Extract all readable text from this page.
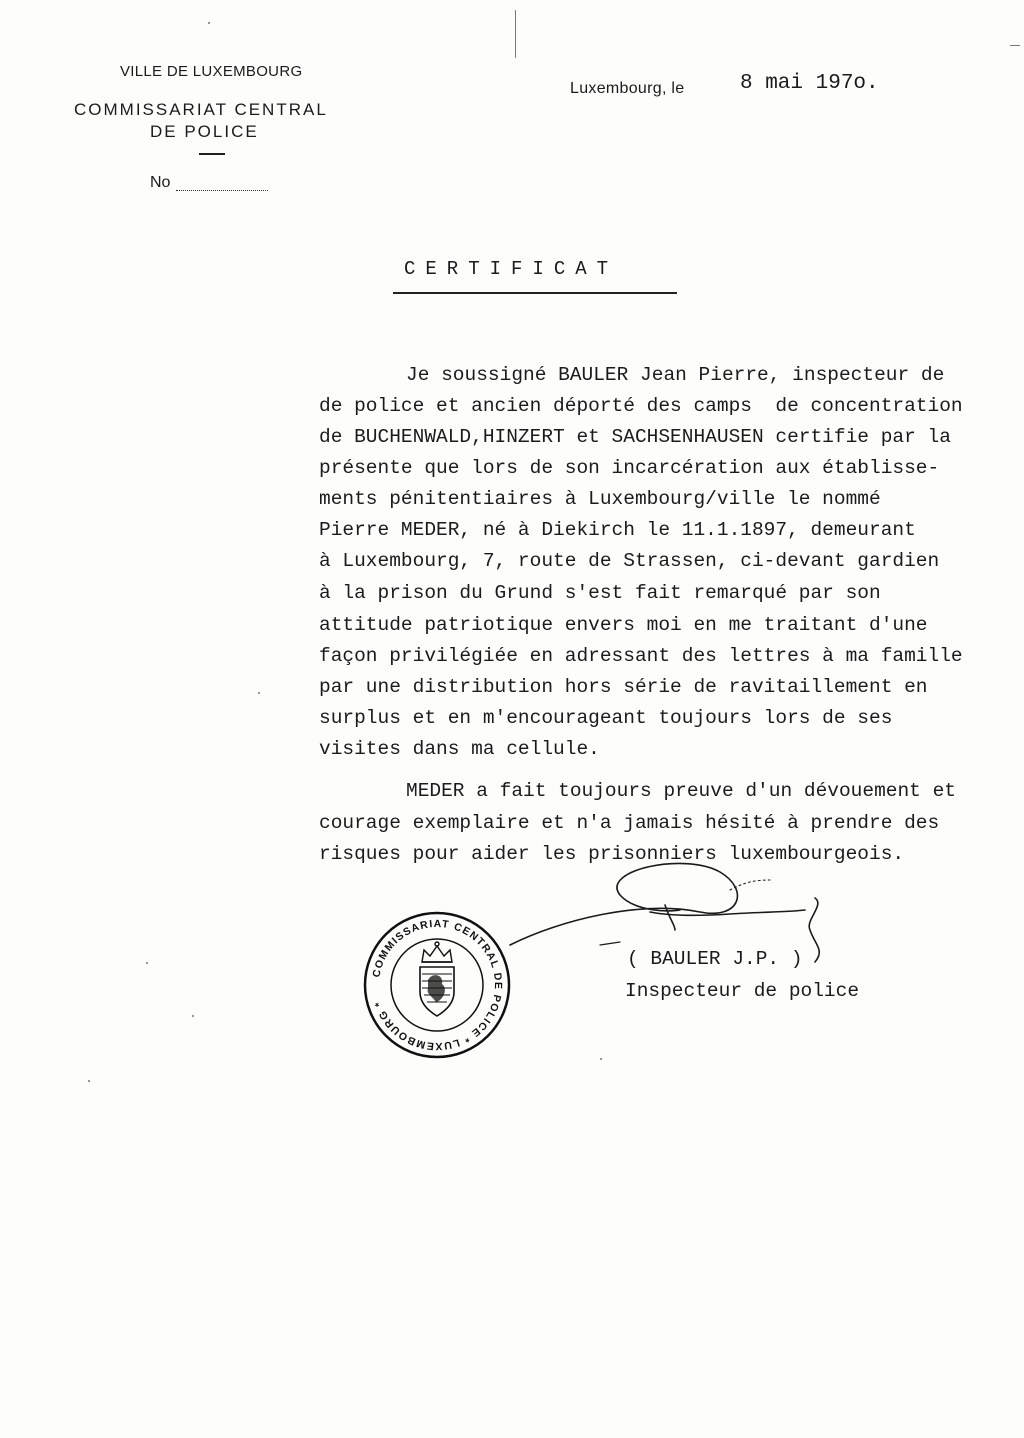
VILLE DE LUXEMBOURG
COMMISSARIAT CENTRAL
DE POLICE
No
Luxembourg, le	8 mai 197o.
CERTIFICAT
Je soussigné BAULER Jean Pierre, inspecteur de
de police et ancien déporté des camps  de concentration
de BUCHENWALD,HINZERT et SACHSENHAUSEN certifie par la
présente que lors de son incarcération aux établisse-
ments pénitentiaires à Luxembourg/ville le nommé
Pierre MEDER, né à Diekirch le 11.1.1897, demeurant
à Luxembourg, 7, route de Strassen, ci-devant gardien
à la prison du Grund s'est fait remarqué par son
attitude patriotique envers moi en me traitant d'une
façon privilégiée en adressant des lettres à ma famille
par une distribution hors série de ravitaillement en
surplus et en m'encourageant toujours lors de ses
visites dans ma cellule.
MEDER a fait toujours preuve d'un dévouement et
courage exemplaire et n'a jamais hésité à prendre des
risques pour aider les prisonniers luxembourgeois.
COMMISSARIAT CENTRAL DE POLICE * LUXEMBOURG *
( BAULER J.P. )
Inspecteur de police
